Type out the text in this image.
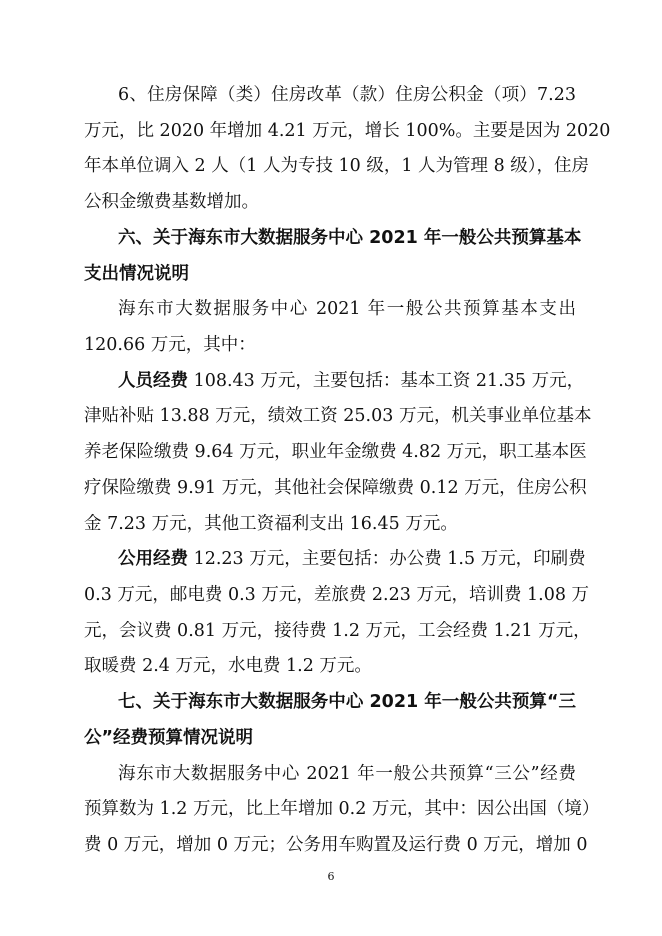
6、住房保障（类）住房改革（款）住房公积金（项）7.23
万元，比 2020 年增加 4.21 万元，增长 100%。主要是因为 2020
年本单位调入 2 人（1 人为专技 10 级，1 人为管理 8 级），住房
公积金缴费基数增加。
六、关于海东市大数据服务中心 2021 年一般公共预算基本
支出情况说明
海东市大数据服务中心 2021 年一般公共预算基本支出
120.66 万元，其中：
人员经费 108.43 万元，主要包括：基本工资 21.35 万元，
津贴补贴 13.88 万元，绩效工资 25.03 万元，机关事业单位基本
养老保险缴费 9.64 万元，职业年金缴费 4.82 万元，职工基本医
疗保险缴费 9.91 万元，其他社会保障缴费 0.12 万元，住房公积
金 7.23 万元，其他工资福利支出 16.45 万元。
公用经费 12.23 万元，主要包括：办公费 1.5 万元，印刷费
0.3 万元，邮电费 0.3 万元，差旅费 2.23 万元，培训费 1.08 万
元，会议费 0.81 万元，接待费 1.2 万元，工会经费 1.21 万元，
取暖费 2.4 万元，水电费 1.2 万元。
七、关于海东市大数据服务中心 2021 年一般公共预算“三
公”经费预算情况说明
海东市大数据服务中心 2021 年一般公共预算“三公”经费
预算数为 1.2 万元，比上年增加 0.2 万元，其中：因公出国（境）
费 0 万元，增加 0 万元；公务用车购置及运行费 0 万元，增加 0
6
